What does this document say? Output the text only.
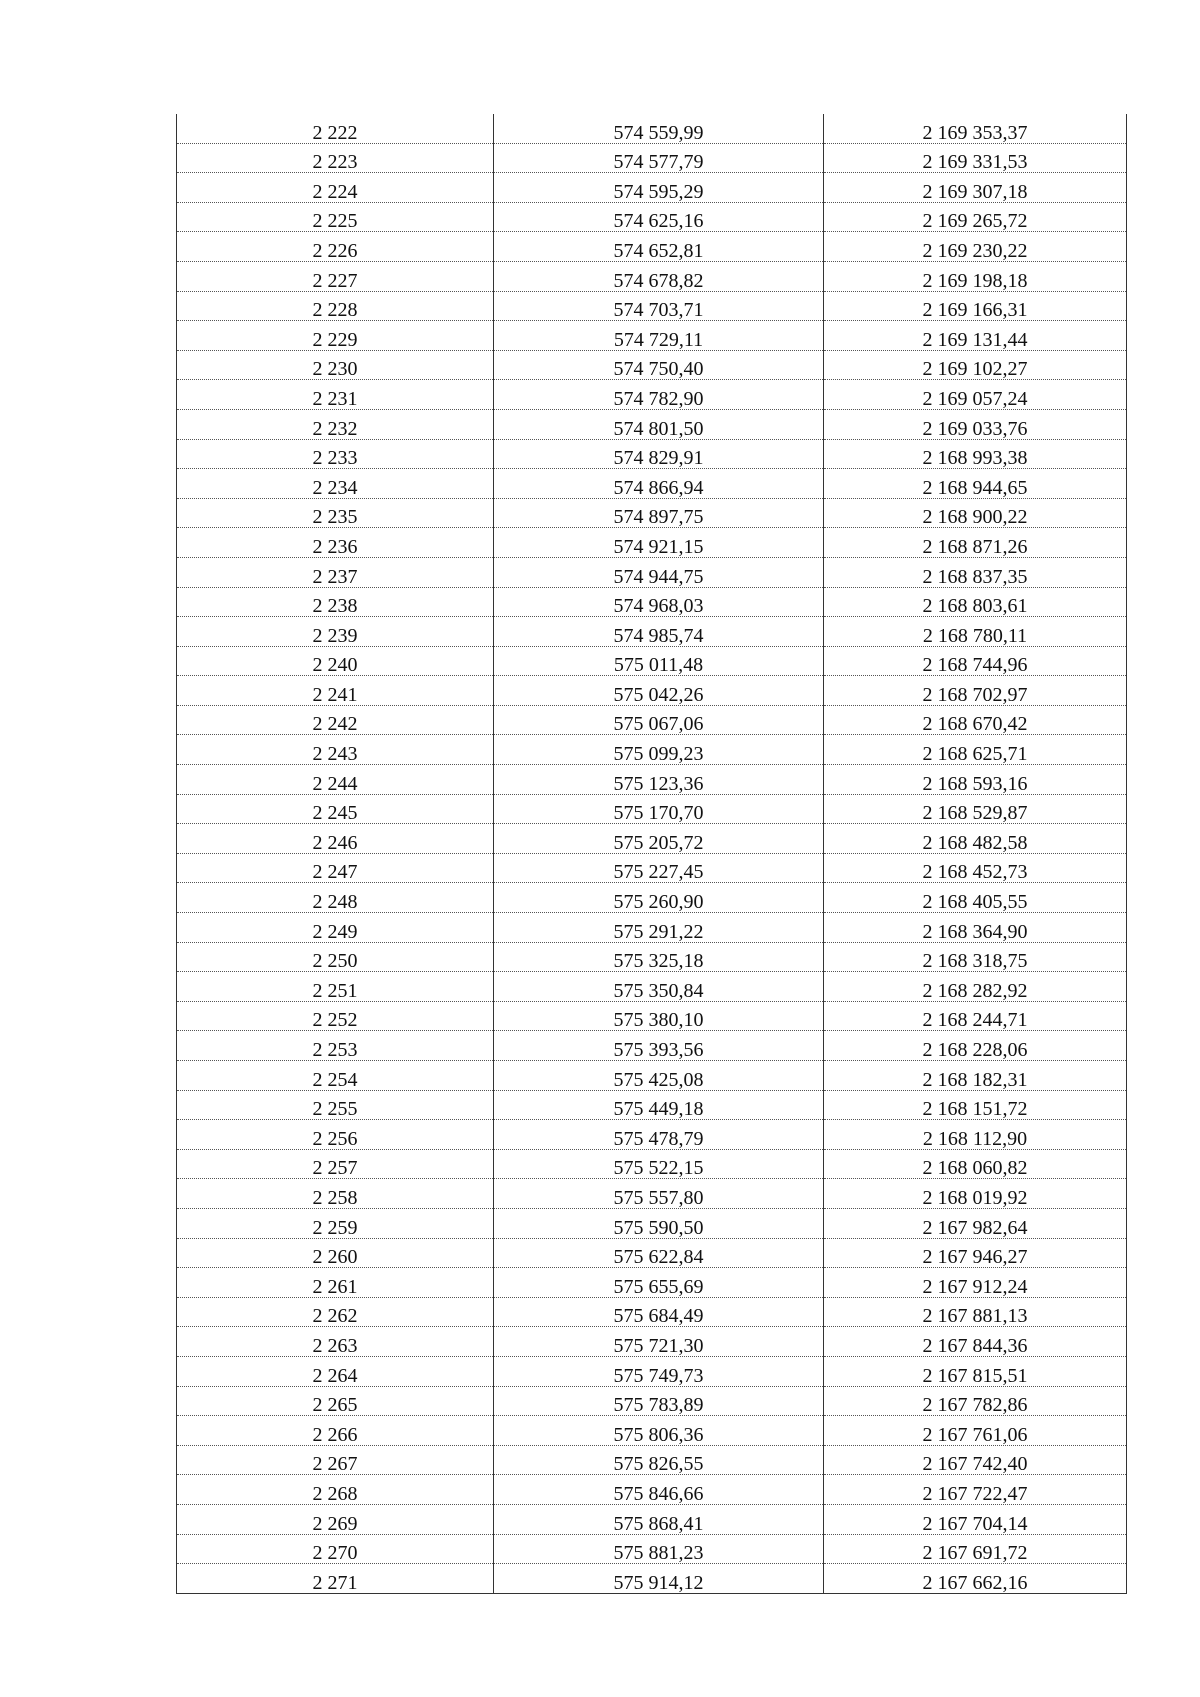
2 222	574 559,99	2 169 353,37
2 223	574 577,79	2 169 331,53
2 224	574 595,29	2 169 307,18
2 225	574 625,16	2 169 265,72
2 226	574 652,81	2 169 230,22
2 227	574 678,82	2 169 198,18
2 228	574 703,71	2 169 166,31
2 229	574 729,11	2 169 131,44
2 230	574 750,40	2 169 102,27
2 231	574 782,90	2 169 057,24
2 232	574 801,50	2 169 033,76
2 233	574 829,91	2 168 993,38
2 234	574 866,94	2 168 944,65
2 235	574 897,75	2 168 900,22
2 236	574 921,15	2 168 871,26
2 237	574 944,75	2 168 837,35
2 238	574 968,03	2 168 803,61
2 239	574 985,74	2 168 780,11
2 240	575 011,48	2 168 744,96
2 241	575 042,26	2 168 702,97
2 242	575 067,06	2 168 670,42
2 243	575 099,23	2 168 625,71
2 244	575 123,36	2 168 593,16
2 245	575 170,70	2 168 529,87
2 246	575 205,72	2 168 482,58
2 247	575 227,45	2 168 452,73
2 248	575 260,90	2 168 405,55
2 249	575 291,22	2 168 364,90
2 250	575 325,18	2 168 318,75
2 251	575 350,84	2 168 282,92
2 252	575 380,10	2 168 244,71
2 253	575 393,56	2 168 228,06
2 254	575 425,08	2 168 182,31
2 255	575 449,18	2 168 151,72
2 256	575 478,79	2 168 112,90
2 257	575 522,15	2 168 060,82
2 258	575 557,80	2 168 019,92
2 259	575 590,50	2 167 982,64
2 260	575 622,84	2 167 946,27
2 261	575 655,69	2 167 912,24
2 262	575 684,49	2 167 881,13
2 263	575 721,30	2 167 844,36
2 264	575 749,73	2 167 815,51
2 265	575 783,89	2 167 782,86
2 266	575 806,36	2 167 761,06
2 267	575 826,55	2 167 742,40
2 268	575 846,66	2 167 722,47
2 269	575 868,41	2 167 704,14
2 270	575 881,23	2 167 691,72
2 271	575 914,12	2 167 662,16
